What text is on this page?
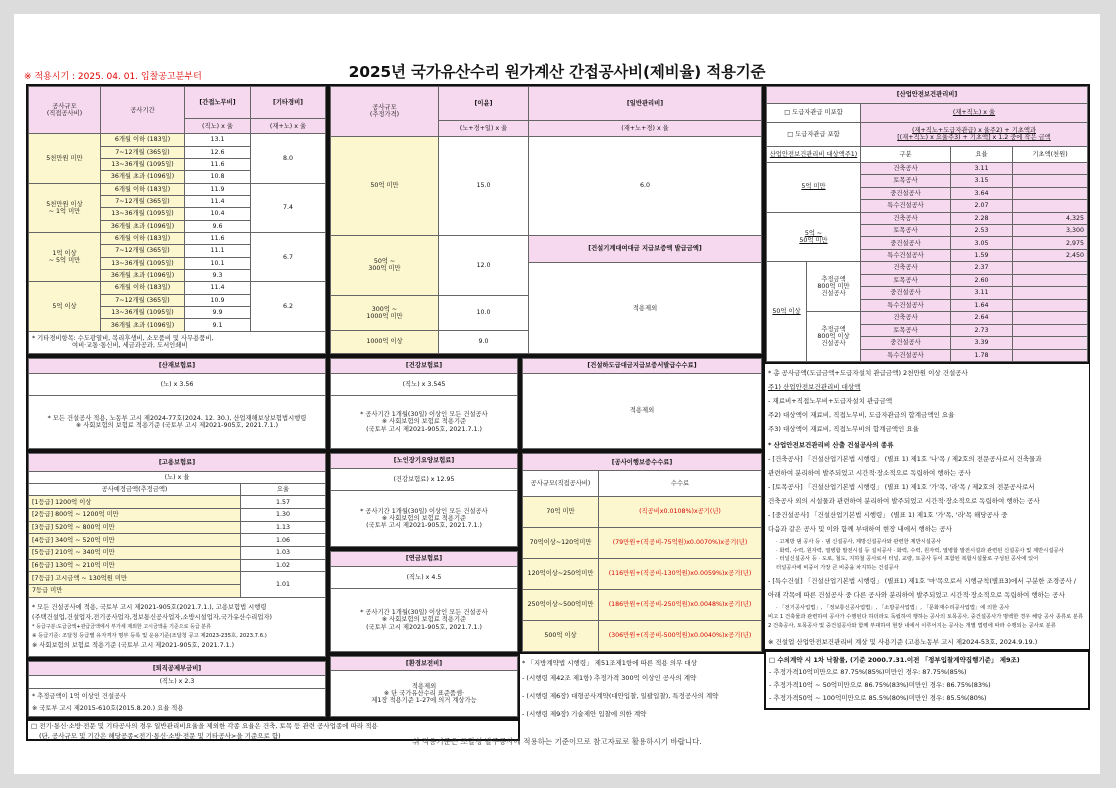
2025년 국가유산수리 원가계산 간접공사비(제비율) 적용기준
※ 적용시기 : 2025. 04. 01. 입찰공고분부터
공사규모
(직접공사비)	공사기간	[간접노무비]	[기타경비]
		(직노) x 율	(재+노) x 율
5천만원 미만	6개월 이하 (183일)	13.1	8.0
	7~12개월 (365일)	12.6	
	13~36개월 (1095일)	11.6	
	36개월 초과 (1096일)	10.8	
5천만원 이상
~ 1억 미만	6개월 이하 (183일)	11.9	7.4
	7~12개월 (365일)	11.4	
	13~36개월 (1095일)	10.4	
	36개월 초과 (1096일)	9.6	
1억 이상
~ 5억 미만	6개월 이하 (183일)	11.6	6.7
	7~12개월 (365일)	11.1	
	13~36개월 (1095일)	10.1	
	36개월 초과 (1096일)	9.3	
5억 이상	6개월 이하 (183일)	11.4	6.2
	7~12개월 (365일)	10.9	
	13~36개월 (1095일)	9.9	
	36개월 초과 (1096일)	9.1	

* 기타경비항목: 수도광열비, 복리후생비, 소모품비 및 사무용품비,
여비·교통·통신비, 세금과공과, 도서인쇄비			
공사규모
(추정가격)	[이윤]	[일반관리비]
	(노+경+일) x 율	(재+노+경) x 율
50억 미만	15.0	6.0
50억 ~
300억 미만	12.0	[건설기계대여대금 지급보증액 발급금액]
		적용제외
300억 ~
1000억 미만	10.0	
1000억 이상	9.0	
[산업안전보건관리비]				
□ 도급자관급 미포함		(재+직노) x 율		
□ 도급자관급 포함		(재+직노+도급자관급) x 율주2) + 기초액과
[(재+직노) x 요율주3) + 기초액] x 1.2 중에 작은 금액		

산업안전보건관리비 대상액주1)		구분	요율	기초액(천원)
5억 미만		건축공사	3.11	
		토목공사	3.15	
		중건설공사	3.64	
		특수건설공사	2.07	
5억 ~
50억 미만		건축공사	2.28	4,325
		토목공사	2.53	3,300
		중건설공사	3.05	2,975
		특수건설공사	1.59	2,450
50억 이상	추정금액
800억 미만
건설공사	건축공사	2.37	
		토목공사	2.60	
		중건설공사	3.11	
		특수건설공사	1.64	
	추정금액
800억 이상
건설공사	건축공사	2.64	
		토목공사	2.73	
		중건설공사	3.39	
		특수건설공사	1.78	
* 총 공사금액(도급금액+도급자설치 관급금액) 2천만원 이상 건설공사
주1) 산업안전보건관리비 대상액
- 재료비+직접노무비+도급자설치 관급금액
주2) 대상액이 재료비, 직접노무비, 도급자관급의 합계금액인 요율
주3) 대상액이 재료비, 직접노무비의 합계금액인 요율
* 산업안전보건관리비 산출 건설공사의 종류
- [건축공사] 「건설산업기본법 시행령」 (별표 1) 제1호 '나'목 / 제2호의 전문공사로서 건축물과
관련하여 분리하여 발주되었고 시간적·장소적으로 독립하여 행하는 공사
- [토목공사] 「건설산업기본법 시행령」 (별표 1) 제1호 '가'목, '라'목 / 제2호의 전문공사로서
건축공사 외의 시설물과 관련하여 분리하여 발주되었고 시간적·장소적으로 독립하여 행하는 공사
- [중건설공사] 「건설산업기본법 시행령」 (별표 1) 제1호 '가'목, '라'목 해당공사 중
다음과 같은 공사 및 이와 함께 부대하여 현장 내에서 행하는 공사
· 고제방 댐 공사 등 · 댐 신설공사, 제방신설공사와 관련한 제반시설공사
· 화력, 수력, 원자력, 열병합 발전시설 등 설치공사 · 화력, 수력, 원자력, 열병합 발전시설과 관련된 신설공사 및 제반시설공사
· 터널신설공사 등 · 도로, 철도, 지하철 공사로서 터널, 교량, 토공사 등이 포함된 복합시설물로 구성된 공사에 있어
터널공사에 비중이 가장 큰 비중을 차지하는 건설공사
- [특수건설] 「건설산업기본법 시행령」 (별표1) 제1호 '마'목으로서 시행규칙(별표3)에서 구분한 조경공사 /
아래 각목에 따른 건설공사 중 다른 공사와 분리하여 발주되었고 시간적·장소적으로 독립하여 행하는 공사
· 「전기공사업법」, 「정보통신공사업법」, 「소방공사업법」, 「문화재수리공사업법」에 의한 공사
비고 1 건축물과 관련하여 공사가 수행된다 하더라도 독립하여 행하는 공사의 토목공사, 중건설공사가 명백한 경우 해당 공사 종류로 분류
2 건축공사, 토목공사 및 중건설공사와 함께 부대하여 현장 내에서 이루어지는 공사는 개별 법령에 따라 수행되는 공사로 분류
※ 건설업 산업안전보건관리비 계상 및 사용기준 (고용노동부 고시 제2024-53호, 2024.9.19.)
[산재보험료]
(노) x 3.56

* 모든 건설공사 적용, 노동부 고시 제2024-77호(2024. 12. 30.), 산업재해보상보험법시행령
※ 사회보험의 보험료 적용기준 (국토부 고시 제2021-905호, 2021.7.1.)
[건강보험료]
(직노) x 3.545

* 공사기간 1개월(30일) 이상인 모든 건설공사
※ 사회보험의 보험료 적용기준
(국토부 고시 제2021-905호, 2021.7.1.)
[건설하도급대금지급보증서발급수수료]
적용제외
[고용보험료]	
(노) x 율	
공사예정금액(추정금액)	요율
[1등급] 1200억 이상	1.57
[2등급] 800억 ~ 1200억 미만	1.30
[3등급] 520억 ~ 800억 미만	1.13
[4등급] 340억 ~ 520억 미만	1.06
[5등급] 210억 ~ 340억 미만	1.03
[6등급] 130억 ~ 210억 미만	1.02
[7등급] 고시금액 ~ 130억원 미만	1.01
7등급 미만	

* 모든 건설공사에 적용, 국토부 고시 제2021-905호(2021.7.1.), 고용보험법 시행령
(주택건설업,건설업자,전기공사업자,정보통신공사업자,소방시설업자,국가유산수리업자)
* 등급구분:도급금액+관급금액에서 부가세 제외한 고시금액을 기준으로 등급 분류
※ 등급기준: 조달청 등급별 유자격자 명부 등록 및 운용기준(조달청 공고 제2023-235호, 2023.7.6.)
※ 사회보험의 보험료 적용기준 (국토부 고시 제2021-905호, 2021.7.1.)	
[노인장기요양보험료]
(건강보험료) x 12.95

* 공사기간 1개월(30일) 이상인 모든 건설공사
※ 사회보험의 보험료 적용기준
(국토부 고시 제2021-905호, 2021.7.1.)
[연금보험료]
(직노) x 4.5

* 공사기간 1개월(30일) 이상인 모든 건설공사
※ 사회보험의 보험료 적용기준
(국토부 고시 제2021-905호, 2021.7.1.)
[공사이행보증수수료]	
공사규모(직접공사비)	수수료
70억 미만	(직공비x0.0108%)x공기(년)
70억이상~120억미만	(79만원+(직공비-75억원)x0.0070%)x공기(년)
120억이상~250억미만	(116만원+(직공비-130억원)x0.0059%)x공기(년)
250억이상~500억미만	(186만원+(직공비-250억원)x0.0048%)x공기(년)
500억 이상	(306만원+(직공비-500억원)x0.0040%)x공기(년)
* 「지방계약법 시행령」 제51조제1항에 따른 적용 의무 대상
- (시행령 제42조 제1항) 추정가격 300억 이상인 공사의 계약
- (시행령 제6장) 대형공사계약(대안입찰, 일괄입찰), 특정공사의 계약
- (시행령 제9장) 기술제안 입찰에 의한 계약
[퇴직공제부금비]
(직노) x 2.3

* 추정금액이 1억 이상인 건설공사
※ 국토부 고시 제2015-610호(2015.8.20.) 요율 적용
[환경보전비]

적용제외
※ 단 국가유산수리 표준품셈·
제1장 적용기준 1-27에 의거 계상가능
□ 전기·통신·소방·전문 및 기타공사의 경우 일반관리비요율을 제외한 각종 요율은 건축, 토목 등 관련 공사업종에 따라 적용
(단, 공사규모 및 기간은 해당공종<전기·통신·소방·전문 및 기타공사>을 기준으로 함)
□ 수의계약 시 1차 낙찰률, (기준 2000.7.31.이전 「정부입찰계약집행기준」 제9조)
- 추정가격10억미만으로 87.75%(85%)미만인 경우: 87.75%(85%)
- 추정가격10억 ~ 50억미만으로 86.75%(83%)미만인 경우: 86.75%(83%)
- 추정가격50억 ~ 100억미만으로 85.5%(80%)미만인 경우: 85.5%(80%)
위 적용기준은 조달청 발주공사에 적용하는 기준이므로 참고자료로 활용하시기 바랍니다.
